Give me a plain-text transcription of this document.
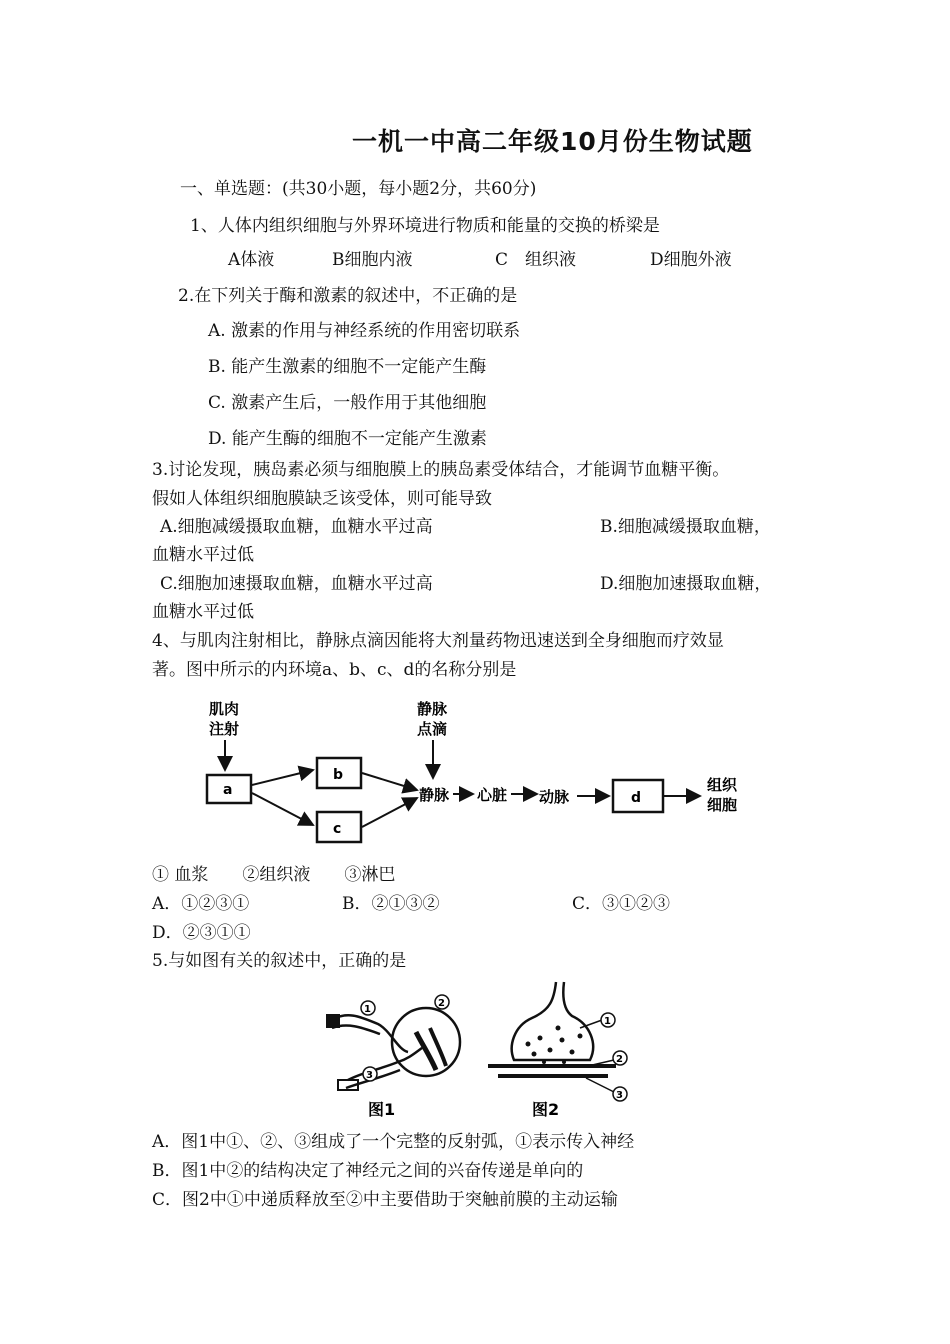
一机一中高二年级10月份生物试题
一、单选题：(共30小题，每小题2分，共60分)
1、人体内组织细胞与外界环境进行物质和能量的交换的桥梁是
A体液	B细胞内液	C　组织液	D细胞外液
2.在下列关于酶和激素的叙述中，不正确的是
A. 激素的作用与神经系统的作用密切联系
B. 能产生激素的细胞不一定能产生酶
C. 激素产生后，一般作用于其他细胞
D. 能产生酶的细胞不一定能产生激素
3.讨论发现，胰岛素必须与细胞膜上的胰岛素受体结合，才能调节血糖平衡。
假如人体组织细胞膜缺乏该受体，则可能导致
A.细胞减缓摄取血糖，血糖水平过高	B.细胞减缓摄取血糖，
血糖水平过低
C.细胞加速摄取血糖，血糖水平过高	D.细胞加速摄取血糖，
血糖水平过低
4、与肌肉注射相比，静脉点滴因能将大剂量药物迅速送到全身细胞而疗效显
著。图中所示的内环境a、b、c、d的名称分别是
肌肉
注射
a
b
c
静脉
点滴
静脉 心脏 动脉	d
组织
细胞
① 血浆　　②组织液　　③淋巴
A．①②③①	B．②①③②	C．③①②③
D．②③①①
5.与如图有关的叙述中，正确的是
1
2
3
图1
1
2
3
图2
A．图1中①、②、③组成了一个完整的反射弧，①表示传入神经
B．图1中②的结构决定了神经元之间的兴奋传递是单向的
C．图2中①中递质释放至②中主要借助于突触前膜的主动运输
